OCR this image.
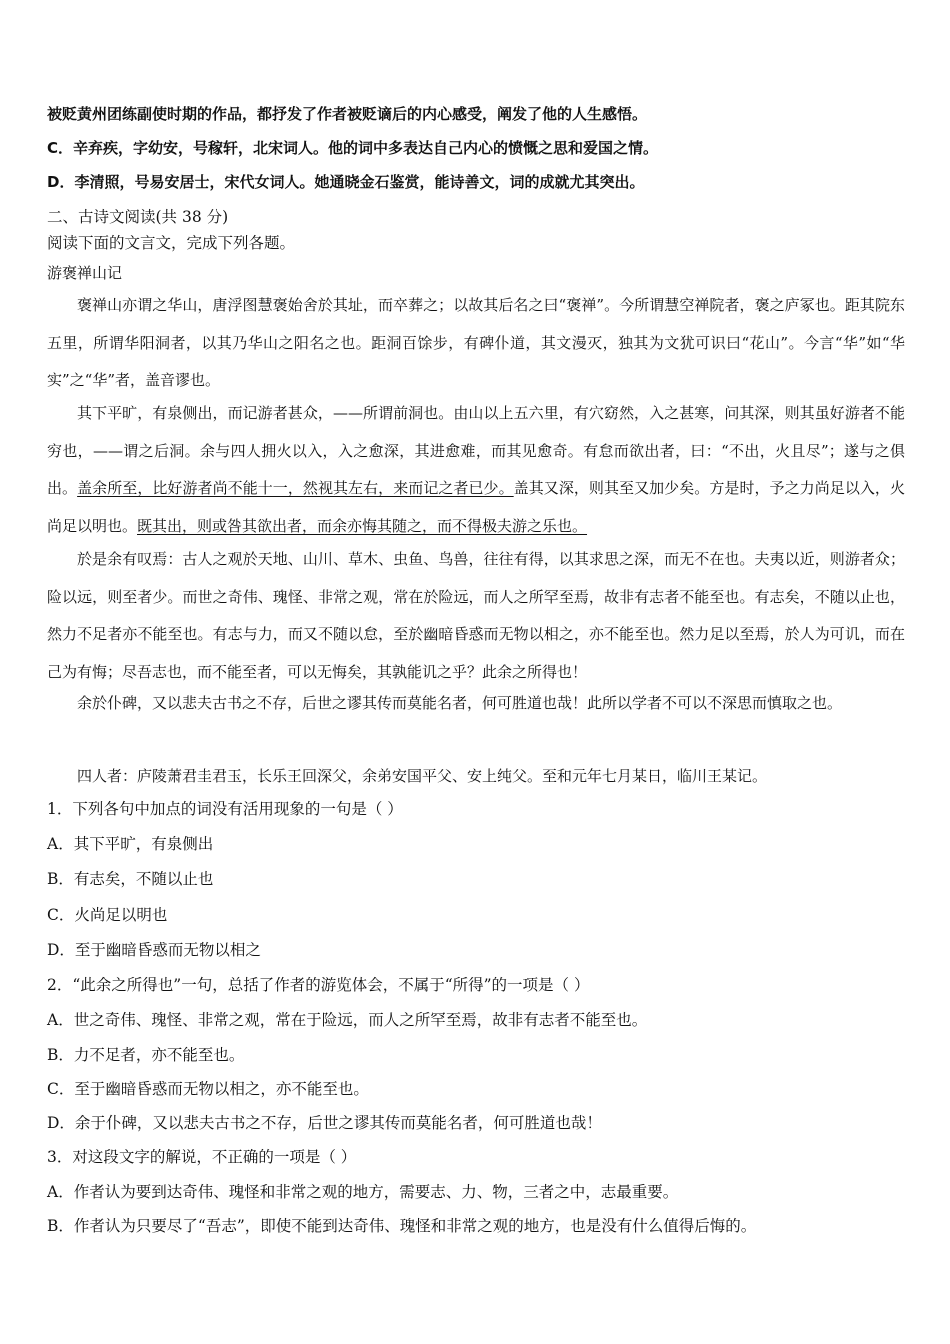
被贬黄州团练副使时期的作品，都抒发了作者被贬谪后的内心感受，阐发了他的人生感悟。
C．辛弃疾，字幼安，号稼轩，北宋词人。他的词中多表达自己内心的愤慨之思和爱国之情。
D．李清照，号易安居士，宋代女词人。她通晓金石鉴赏，能诗善文，词的成就尤其突出。
二、古诗文阅读(共 38 分)
阅读下面的文言文，完成下列各题。
游褒禅山记

褒禅山亦谓之华山，唐浮图慧褒始舍於其址，而卒葬之；以故其后名之曰“褒禅”。今所谓慧空禅院者，褒之庐冢也。距其院东五里，所谓华阳洞者，以其乃华山之阳名之也。距洞百馀步，有碑仆道，其文漫灭，独其为文犹可识曰“花山”。今言“华”如“华实”之“华”者，盖音谬也。

其下平旷，有泉侧出，而记游者甚众，——所谓前洞也。由山以上五六里，有穴窈然，入之甚寒，问其深，则其虽好游者不能穷也，——谓之后洞。余与四人拥火以入，入之愈深，其进愈难，而其见愈奇。有怠而欲出者，曰：“不出，火且尽”；遂与之俱出。盖余所至，比好游者尚不能十一，然视其左右，来而记之者已少。盖其又深，则其至又加少矣。方是时，予之力尚足以入，火尚足以明也。既其出，则或咎其欲出者，而余亦悔其随之，而不得极夫游之乐也。

於是余有叹焉：古人之观於天地、山川、草木、虫鱼、鸟兽，往往有得，以其求思之深，而无不在也。夫夷以近，则游者众；险以远，则至者少。而世之奇伟、瑰怪、非常之观，常在於险远，而人之所罕至焉，故非有志者不能至也。有志矣，不随以止也，然力不足者亦不能至也。有志与力，而又不随以怠，至於幽暗昏惑而无物以相之，亦不能至也。然力足以至焉，於人为可讥，而在己为有悔；尽吾志也，而不能至者，可以无悔矣，其孰能讥之乎？此余之所得也！

余於仆碑，又以悲夫古书之不存，后世之谬其传而莫能名者，何可胜道也哉！此所以学者不可以不深思而慎取之也。

四人者：庐陵萧君圭君玉，长乐王回深父，余弟安国平父、安上纯父。至和元年七月某日，临川王某记。

1．下列各句中加点的词没有活用现象的一句是（ ）
A．其下平旷，有泉侧出
B．有志矣，不随以止也
C．火尚足以明也
D．至于幽暗昏惑而无物以相之
2．“此余之所得也”一句，总括了作者的游览体会，不属于“所得”的一项是（ ）
A．世之奇伟、瑰怪、非常之观，常在于险远，而人之所罕至焉，故非有志者不能至也。
B．力不足者，亦不能至也。
C．至于幽暗昏惑而无物以相之，亦不能至也。
D．余于仆碑，又以悲夫古书之不存，后世之谬其传而莫能名者，何可胜道也哉！
3．对这段文字的解说，不正确的一项是（ ）
A．作者认为要到达奇伟、瑰怪和非常之观的地方，需要志、力、物，三者之中，志最重要。
B．作者认为只要尽了“吾志”，即使不能到达奇伟、瑰怪和非常之观的地方，也是没有什么值得后悔的。
